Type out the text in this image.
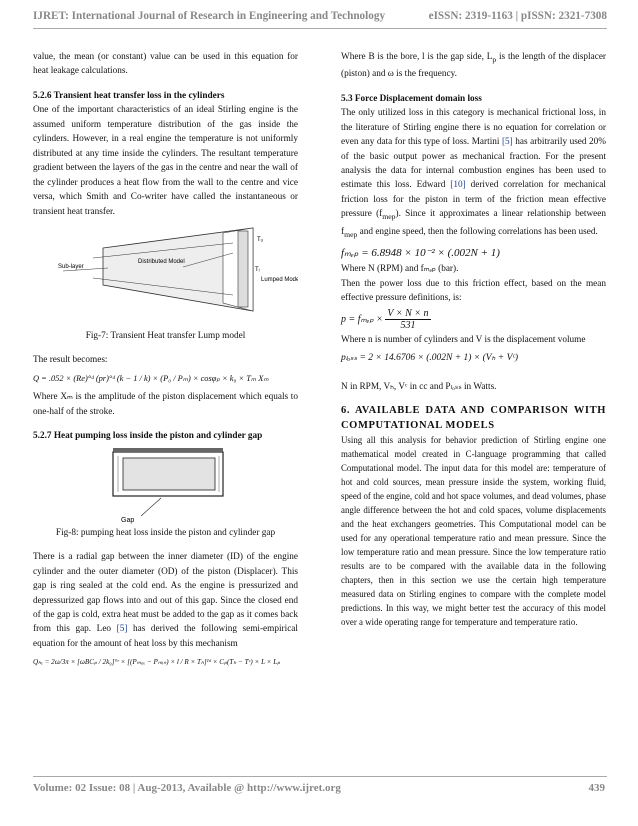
IJRET: International Journal of Research in Engineering and Technology	eISSN: 2319-1163 | pISSN: 2321-7308

value, the mean (or constant) value can be used in this equation for heat leakage calculations.

5.2.6 Transient heat transfer loss in the cylinders

One of the important characteristics of an ideal Stirling engine is the assumed uniform temperature distribution of the gas inside the cylinders. However, in a real engine the temperature is not uniformly distributed at any time inside the cylinders. The resultant temperature gradient between the layers of the gas in the centre and near the wall of the cylinder produces a heat flow from the wall to the centre and vice versa, which Smith and Co-writer have called the instantaneous or transient heat transfer.

Sub-layer
Distributed Model
Lumped Model
Tᵤ
Tᵢ

Fig-7: Transient Heat transfer Lump model

The result becomes:

Q = .052 × (Re)°ᵈ (pr)°ᵈ (k − 1 / k) × (P₀ / Pₘ) × cosφₚ × k₉ × Tₘ Xₘ

Where Xₘ is the amplitude of the piston displacement which equals to one-half of the stroke.

5.2.7 Heat pumping loss inside the piston and cylinder gap

Gap

Fig-8: pumping heat loss inside the piston and cylinder gap

There is a radial gap between the inner diameter (ID) of the engine cylinder and the outer diameter (OD) of the piston (Displacer). This gap is ring sealed at the cold end. As the engine is pressurized and depressurized gap flows into and out of this gap. Since the closed end of the gap is cold, extra heat must be added to the gap as it comes back from this gap. Leo [5] has derived the following semi-empirical equation for the amount of heat loss by this mechanism

Qₕₑ = 2ω/3π × [ωBCₚ / 2k₉]°ʳ × [(Pₘₐₓ − Pₘᵢₙ) × l / R × Tₕ]¹ᵈ × Cₚ(Tₕ − Tᶜ) × L × Lₚ

Where B is the bore, l is the gap side, $L_p$ is the length of the displacer (piston) and ω is the frequency.

5.3 Force Displacement domain loss

The only utilized loss in this category is mechanical frictional loss, in the literature of Stirling engine there is no equation for correlation or even any data for this type of loss. Martini [5] has arbitrarily used 20% of the basic output power as mechanical fraction. For the present analysis the data for internal combustion engines has been used to estimate this loss. Edward [10] derived correlation for mechanical friction loss for the piston in term of the friction mean effective pressure $(f_{mep})$. Since it approximates a linear relationship between $f_{mep}$ and engine speed, then the following correlations has been used.

fₘₑₚ = 6.8948 × 10⁻² × (.002N + 1)

Where N (RPM) and fₘₑₚ (bar).

Then the power loss due to this friction effect, based on the mean effective pressure definitions, is:

$p = f_{mep} \times \frac{V \times N \times n}{531}$

Where n is number of cylinders and V is the displacement volume

pₗₒₛₛ = 2 × 14.6706 × (.002N + 1) × (Vₕ + Vᶜ)

N in RPM, Vₕ, Vᶜ in cc and Pₗₒₛₛ in Watts.

6. AVAILABLE DATA AND COMPARISON WITH COMPUTATIONAL MODELS

Using all this analysis for behavior prediction of Stirling engine one mathematical model created in C-language programming that called Computational model. The input data for this model are: temperature of hot and cold sources, mean pressure inside the system, working fluid, speed of the engine, cold and hot space volumes, and dead volumes, phase angle difference between the hot and cold spaces, volume displacements and the heat exchangers geometries. This Computational model can be used for any operational temperature ratio and mean pressure. Since the low temperature ratio and mean pressure. Since the low temperature ratio results are to be compared with the available data in the following chapters, then in this section we use the certain high temperature measured data on Stirling engines to compare with the complete model predictions. In this way, we might better test the accuracy of this model over a wide operating range for temperature and temperature ratio.

Volume: 02 Issue: 08 | Aug-2013, Available @ http://www.ijret.org	439
